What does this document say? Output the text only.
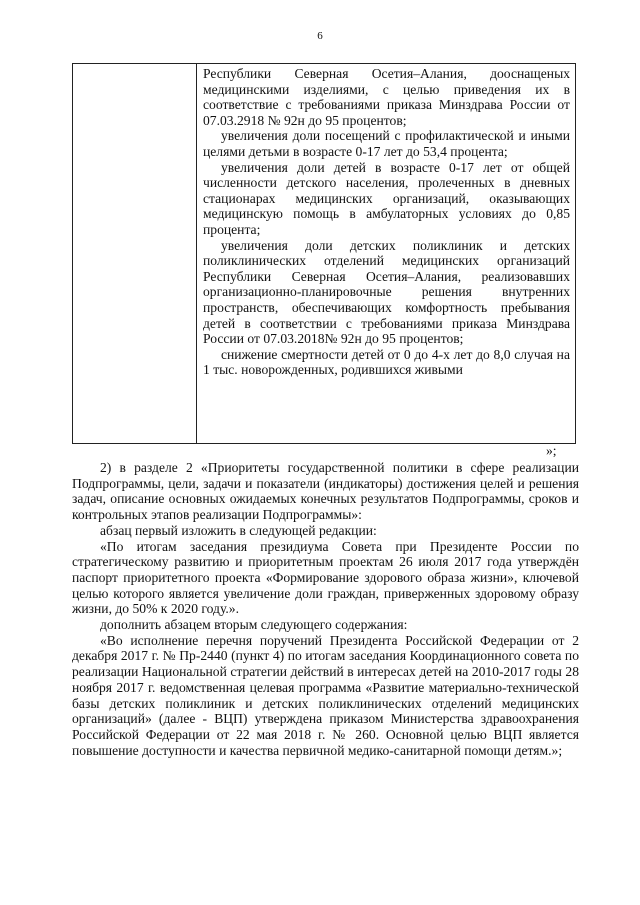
6

Республики Северная Осетия–Алания, дооснащеных медицинскими изделиями, с целью приведения их в соответствие с требованиями приказа Минздрава России от 07.03.2918 № 92н до 95 процентов;

увеличения доли посещений с профилактической и иными целями детьми в возрасте 0-17 лет до 53,4 процента;

увеличения доли детей в возрасте 0-17 лет от общей численности детского населения, пролеченных в дневных стационарах медицинских организаций, оказывающих медицинскую помощь в амбулаторных условиях до 0,85 процента;

увеличения доли детских поликлиник и детских поликлинических отделений медицинских организаций Республики Северная Осетия–Алания, реализовавших организационно-планировочные решения внутренних пространств, обеспечивающих комфортность пребывания детей в соответствии с требованиями приказа Минздрава России от 07.03.2018№ 92н до 95 процентов;

снижение смертности детей от 0 до 4-х лет до 8,0 случая на 1 тыс. новорожденных, родившихся живыми

»;

2) в разделе 2 «Приоритеты государственной политики в сфере реализации Подпрограммы, цели, задачи и показатели (индикаторы) достижения целей и решения задач, описание основных ожидаемых конечных результатов Подпрограммы, сроков и контрольных этапов реализации Подпрограммы»:

абзац первый изложить в следующей редакции:

«По итогам заседания президиума Совета при Президенте России по стратегическому развитию и приоритетным проектам 26 июля 2017 года утверждён паспорт приоритетного проекта «Формирование здорового образа жизни», ключевой целью которого является увеличение доли граждан, приверженных здоровому образу жизни, до 50% к 2020 году.».

дополнить абзацем вторым следующего содержания:

«Во исполнение перечня поручений Президента Российской Федерации от 2 декабря 2017 г. № Пр-2440 (пункт 4) по итогам заседания Координационного совета по реализации Национальной стратегии действий в интересах детей на 2010-2017 годы 28 ноября 2017 г. ведомственная целевая программа «Развитие материально-технической базы детских поликлиник и детских поликлинических отделений медицинских организаций» (далее - ВЦП) утверждена приказом Министерства здравоохранения Российской Федерации от 22 мая 2018 г. № 260. Основной целью ВЦП является повышение доступности и качества первичной медико-санитарной помощи детям.»;
